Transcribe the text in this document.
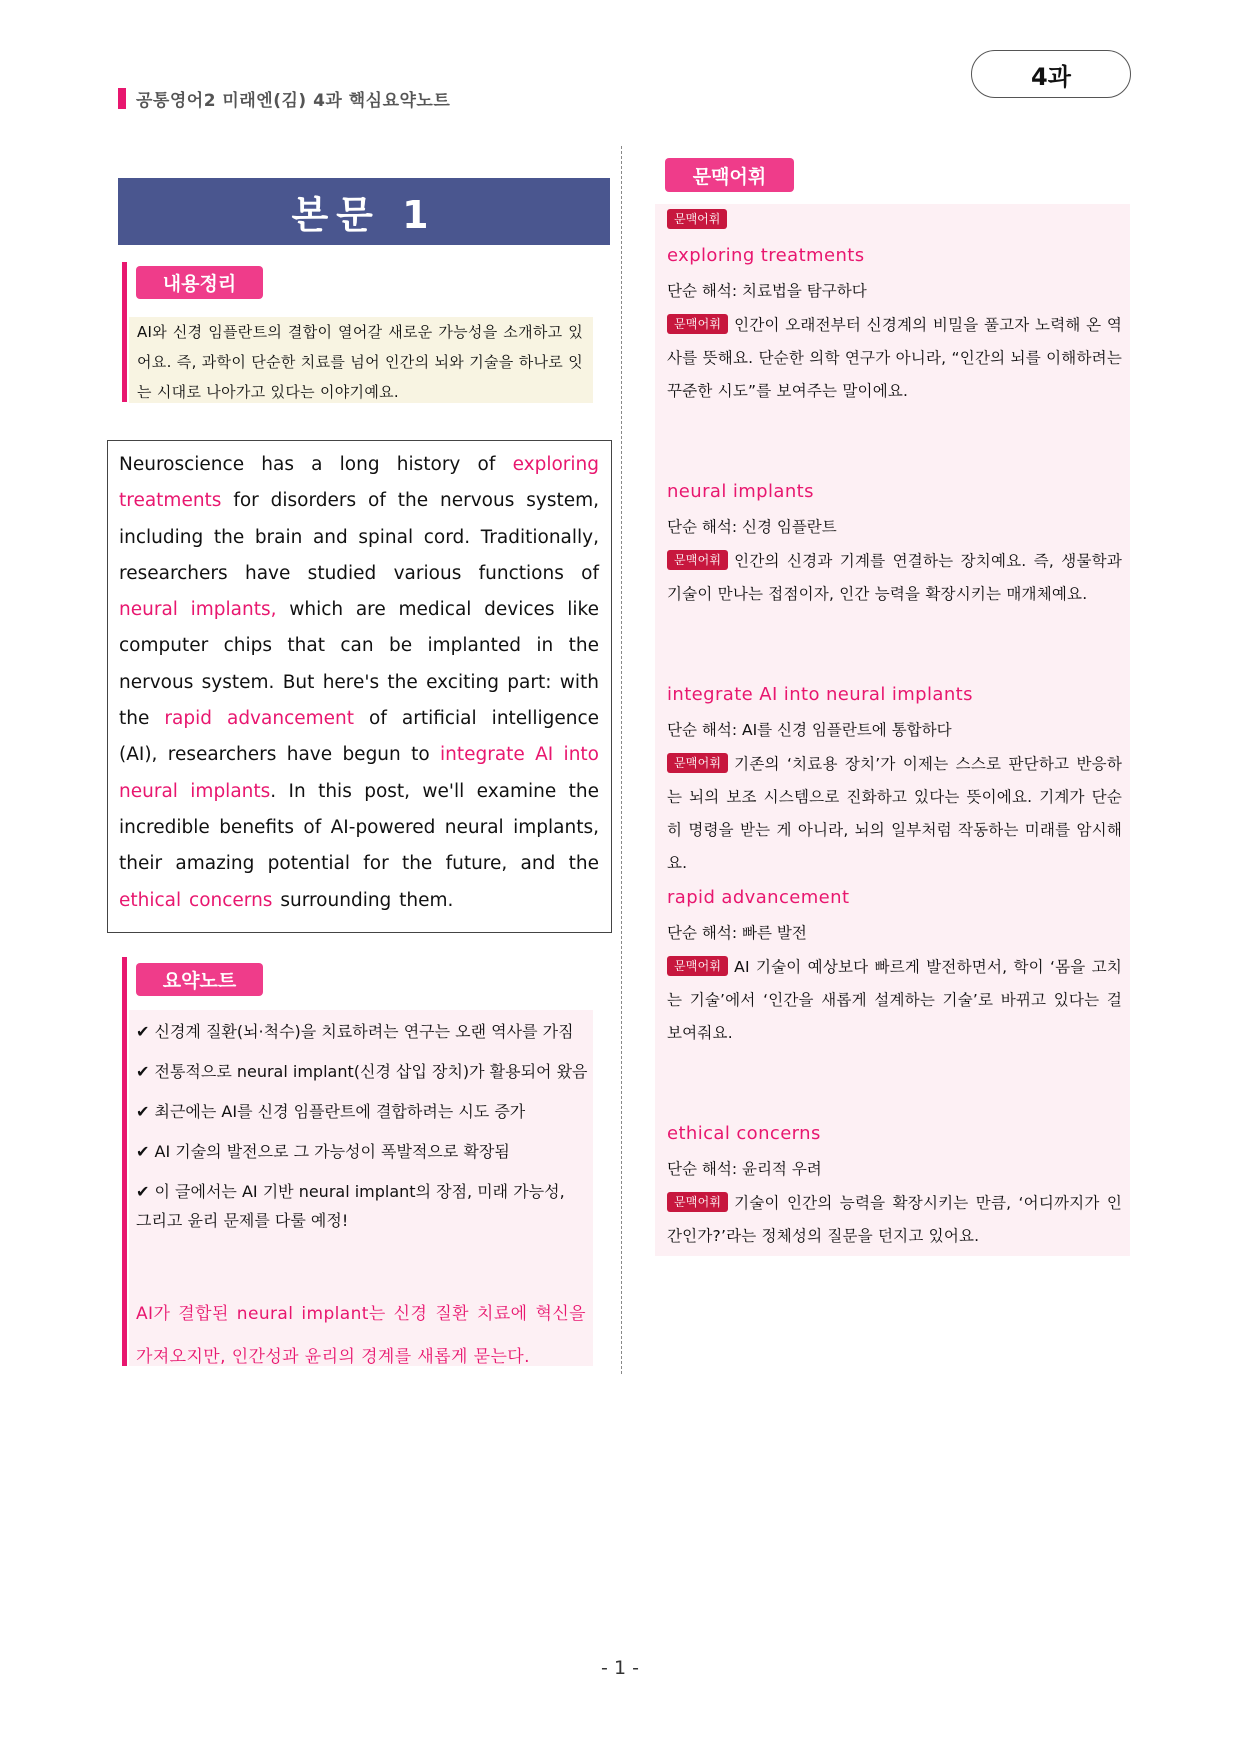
공통영어2 미래엔(김) 4과 핵심요약노트
4과
본문 1
내용정리
AI와 신경 임플란트의 결합이 열어갈 새로운 가능성을 소개하고 있어요. 즉, 과학이 단순한 치료를 넘어 인간의 뇌와 기술을 하나로 잇는 시대로 나아가고 있다는 이야기예요.
Neuroscience has a long history of exploring treatments for disorders of the nervous system, including the brain and spinal cord. Traditionally, researchers have studied various functions of neural implants, which are medical devices like computer chips that can be implanted in the nervous system. But here's the exciting part: with the rapid advancement of artificial intelligence (AI), researchers have begun to integrate AI into neural implants. In this post, we'll examine the incredible benefits of AI-powered neural implants, their amazing potential for the future, and the ethical concerns surrounding them.
요약노트
✔ 신경계 질환(뇌·척수)을 치료하려는 연구는 오랜 역사를 가짐
✔ 전통적으로 neural implant(신경 삽입 장치)가 활용되어 왔음
✔ 최근에는 AI를 신경 임플란트에 결합하려는 시도 증가
✔ AI 기술의 발전으로 그 가능성이 폭발적으로 확장됨
✔ 이 글에서는 AI 기반 neural implant의 장점, 미래 가능성,
그리고 윤리 문제를 다룰 예정!
AI가 결합된 neural implant는 신경 질환 치료에 혁신을 가져오지만, 인간성과 윤리의 경계를 새롭게 묻는다.
문맥어휘
문맥어휘
exploring treatments
단순 해석: 치료법을 탐구하다
문맥어휘 인간이 오래전부터 신경계의 비밀을 풀고자 노력해 온 역사를 뜻해요. 단순한 의학 연구가 아니라, “인간의 뇌를 이해하려는 꾸준한 시도”를 보여주는 말이에요.
neural implants
단순 해석: 신경 임플란트
문맥어휘 인간의 신경과 기계를 연결하는 장치예요. 즉, 생물학과 기술이 만나는 접점이자, 인간 능력을 확장시키는 매개체예요.
integrate AI into neural implants
단순 해석: AI를 신경 임플란트에 통합하다
문맥어휘 기존의 ‘치료용 장치’가 이제는 스스로 판단하고 반응하는 뇌의 보조 시스템으로 진화하고 있다는 뜻이에요. 기계가 단순히 명령을 받는 게 아니라, 뇌의 일부처럼 작동하는 미래를 암시해요.
rapid advancement
단순 해석: 빠른 발전
문맥어휘 AI 기술이 예상보다 빠르게 발전하면서, 학이 ‘몸을 고치는 기술’에서 ‘인간을 새롭게 설계하는 기술’로 바뀌고 있다는 걸 보여줘요.
ethical concerns
단순 해석: 윤리적 우려
문맥어휘 기술이 인간의 능력을 확장시키는 만큼, ‘어디까지가 인간인가?’라는 정체성의 질문을 던지고 있어요.
- 1 -
